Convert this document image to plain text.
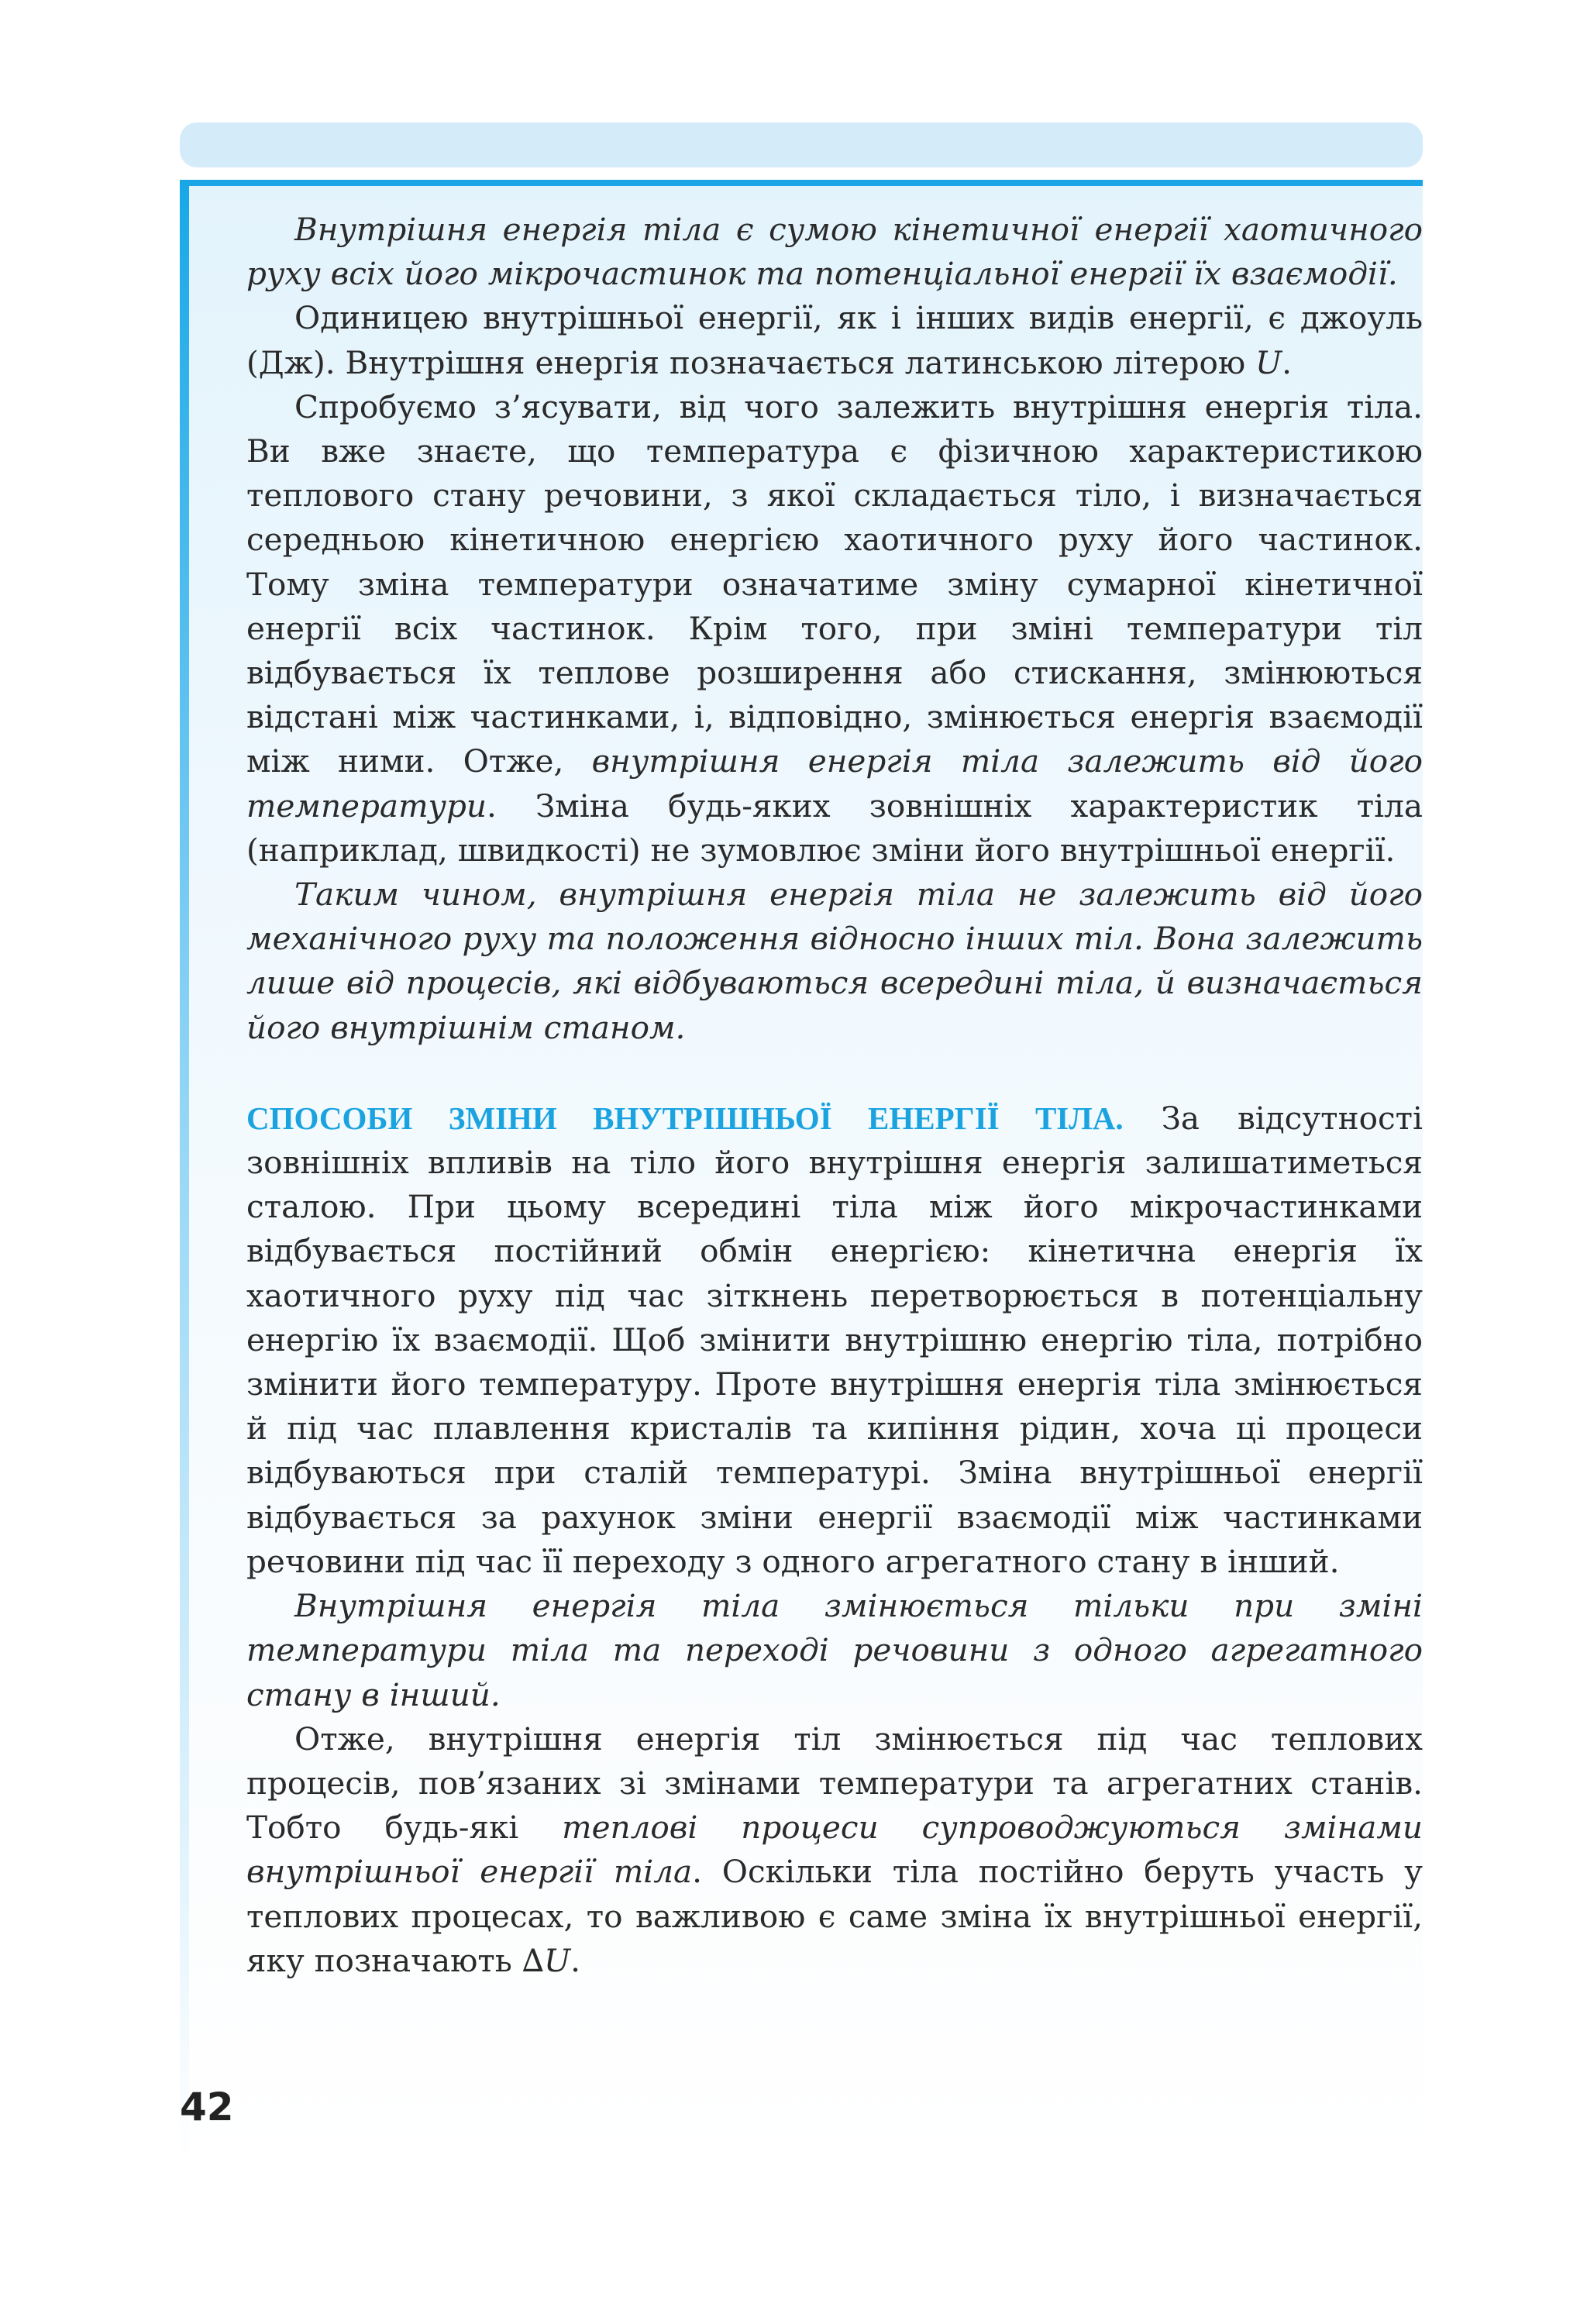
Внутрішня енергія тіла є сумою кінетичної енергії хаотичного руху всіх його мікрочастинок та потенціальної енергії їх взаємодії.

Одиницею внутрішньої енергії, як і інших видів енергії, є джоуль (Дж). Внутрішня енергія позначається латинською літерою U.

Спробуємо з’ясувати, від чого залежить внутрішня енергія тіла. Ви вже знаєте, що температура є фізичною характеристикою теплового стану речовини, з якої складається тіло, і визначається середньою кінетичною енергією хаотичного руху його частинок. Тому зміна температури означатиме зміну сумарної кінетичної енергії всіх частинок. Крім того, при зміні температури тіл відбувається їх теплове розширення або стискання, змінюються відстані між частинками, і, відповідно, змінюється енергія взаємодії між ними. Отже, внутрішня енергія тіла залежить від його температури. Зміна будь-яких зовнішніх характеристик тіла (наприклад, швидкості) не зумовлює зміни його внутрішньої енергії.

Таким чином, внутрішня енергія тіла не залежить від його механічного руху та положення відносно інших тіл. Вона залежить лише від процесів, які відбуваються всередині тіла, й визначається його внутрішнім станом.

СПОСОБИ ЗМІНИ ВНУТРІШНЬОЇ ЕНЕРГІЇ ТІЛА. За відсутності зовнішніх впливів на тіло його внутрішня енергія залишатиметься сталою. При цьому всередині тіла між його мікрочастинками відбувається постійний обмін енергією: кінетична енергія їх хаотичного руху під час зіткнень перетворюється в потенціальну енергію їх взаємодії. Щоб змінити внутрішню енергію тіла, потрібно змінити його температуру. Проте внутрішня енергія тіла змінюється й під час плавлення кристалів та кипіння рідин, хоча ці процеси відбуваються при сталій температурі. Зміна внутрішньої енергії відбувається за рахунок зміни енергії взаємодії між частинками речовини під час її переходу з одного агрегатного стану в інший.

Внутрішня енергія тіла змінюється тільки при зміні температури тіла та переході речовини з одного агрегатного стану в інший.

Отже, внутрішня енергія тіл змінюється під час теплових процесів, пов’язаних зі змінами температури та агрегатних станів. Тобто будь-які теплові процеси супроводжуються змінами внутрішньої енергії тіла. Оскільки тіла постійно беруть участь у теплових процесах, то важливою є саме зміна їх внутрішньої енергії, яку позначають ∆U.

42
